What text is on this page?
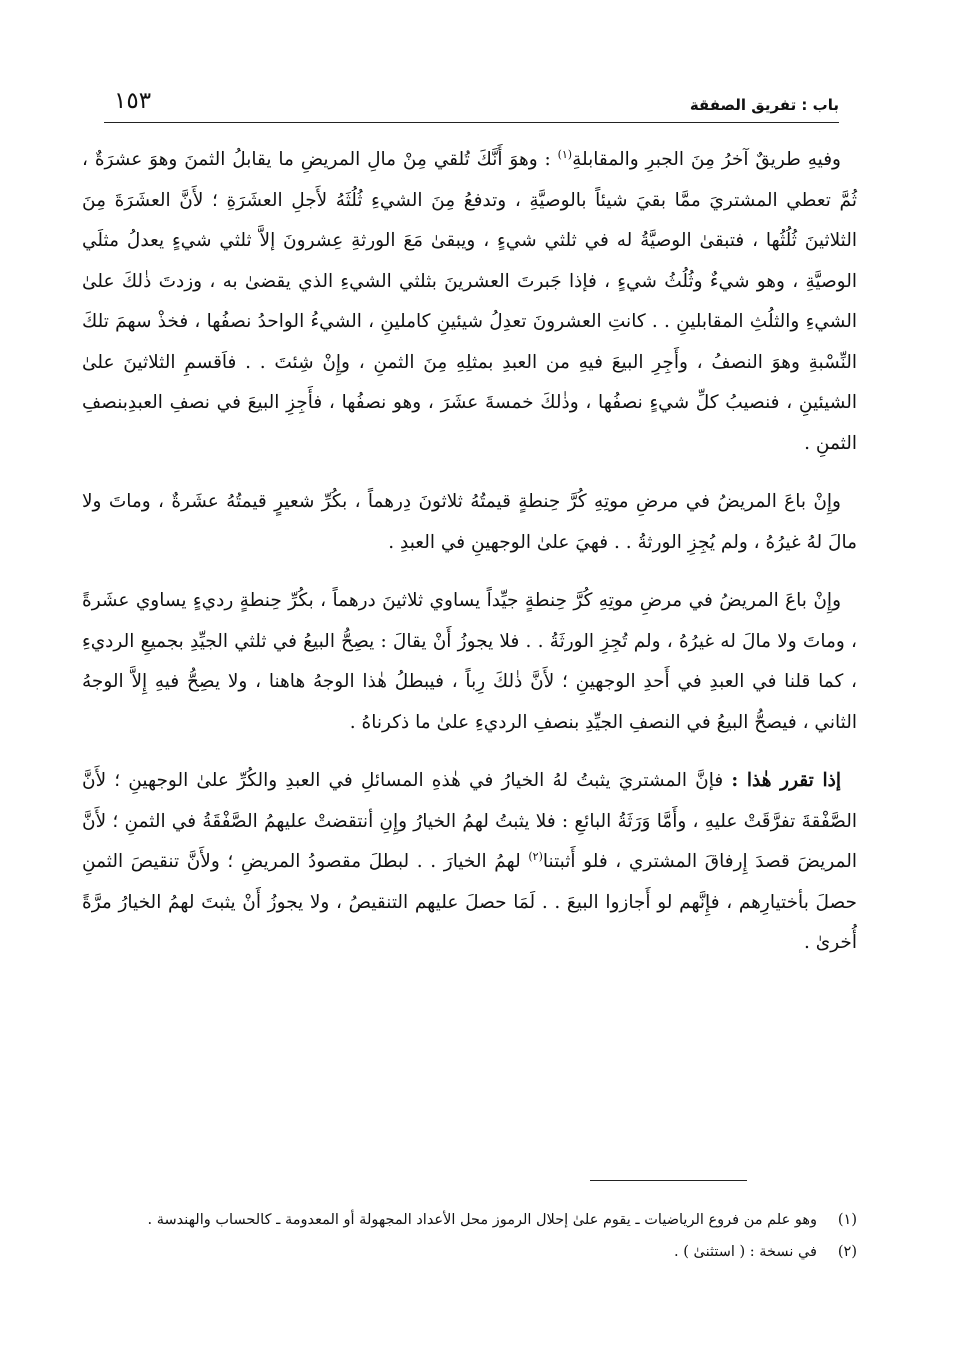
باب : تفريق الصفقة
١٥٣

وفيهِ طريقٌ آخرُ مِنَ الجبرِ والمقابلةِ$^{(١)}$ : وهوَ أَنَّكَ تُلقي مِنْ مالِ المريضِ ما يقابلُ الثمنَ وهوَ عشرَةٌ ، ثُمَّ تعطي المشتريَ ممَّا بقيَ شيئاً بالوصيَّةِ ، وتدفعُ مِنَ الشيءِ ثُلُثَهُ لأَجلِ العشَرَةِ ؛ لأَنَّ العشَرَةَ مِنَ الثلاثينَ ثُلُثُها ، فتبقىٰ الوصيَّةُ له في ثلثي شيءٍ ، ويبقىٰ مَعَ الورثةِ عِشرونَ إلاَّ ثلثي شيءٍ يعدلُ مثلَي الوصيَّةِ ، وهو شيءٌ وثُلُثُ شيءٍ ، فإذا جَبرتَ العشرينَ بثلثي الشيءِ الذي يقضىٰ به ، وزدتَ ذٰلكَ علىٰ الشيءِ والثلُثِ المقابلينِ . . كانتِ العشرونَ تعدِلُ شيئينِ كاملينِ ، الشيءُ الواحدُ نصفُها ، فخذْ سهمَ تلكَ النِّسْبةِ وهوَ النصفُ ، وأَجِرِ البيعَ فيهِ من العبدِ بمثلِهِ مِنَ الثمنِ ، وإِنْ شِئتَ . . فاَقسمِ الثلاثينَ علىٰ الشيئينِ ، فنصيبُ كلِّ شيءٍ نصفُها ، وذٰلكَ خمسةَ عشَرَ ، وهو نصفُها ، فأَجِزِ البيعَ في نصفِ العبدِبنصفِ الثمنِ .

وإِنْ باعَ المريضُ في مرضِ موتِهِ كُرَّ حِنطةٍ قيمتُهُ ثلاثونَ دِرهماً ، بكُرِّ شعيرٍ قيمتُهُ عشَرةٌ ، وماتَ ولا مالَ لهُ غيرُهُ ، ولم يُجِزِ الورثةُ . . فهيَ علىٰ الوجهينِ في العبدِ .

وإِنْ باعَ المريضُ في مرضِ موتِهِ كُرَّ حِنطةٍ جيِّداً يساوي ثلاثينَ درهماً ، بكُرِّ حِنطةٍ رديءٍ يساوي عشَرةً ، وماتَ ولا مالَ له غيرُهُ ، ولم تُجِزِ الورثَةُ . . فلا يجوزُ أَنْ يقالَ : يصِحُّ البيعُ في ثلثي الجيِّدِ بجميعِ الرديءِ ، كما قلنا في العبدِ في أَحدِ الوجهينِ ؛ لأَنَّ ذٰلكَ رِباً ، فيبطلُ هٰذا الوجهُ هاهنا ، ولا يصِحُّ فيهِ إِلاَّ الوجهُ الثاني ، فيصحُّ البيعُ في النصفِ الجيِّدِ بنصفِ الرديءِ علىٰ ما ذكرناهُ .

إذا تقرر هٰذا : فإنَّ المشتريَ يثبتُ لهُ الخيارُ في هٰذهِ المسائلِ في العبدِ والكُرِّ علىٰ الوجهينِ ؛ لأَنَّ الصَّفْقةَ تفرَّقَتْ عليهِ ، وأَمَّا وَرَثَةُ البائعِ : فلا يثبتُ لهمُ الخيارُ وإِنِ أنتقضتْ عليهمُ الصَّفْقَةُ في الثمنِ ؛ لأَنَّ المريضَ قصدَ إِرفاقَ المشتري ، فلو أَثبتنا$^{(٢)}$ لهمُ الخيارَ . . لبطلَ مقصودُ المريضِ ؛ ولأَنَّ تنقيصَ الثمنِ حصلَ بأختيارِهم ، فإِنَّهم لو أَجازوا البيعَ . . لَمَا حصلَ عليهم التنقيصُ ، ولا يجوزُ أَنْ يثبتَ لهمُ الخيارُ مرَّةً أُخرىٰ .

(١)
وهو علم من فروع الرياضيات ـ يقوم علىٰ إحلال الرموز محل الأعداد المجهولة أو المعدومة ـ كالحساب والهندسة .
(٢)
في نسخة : ( استثنىٰ ) .
